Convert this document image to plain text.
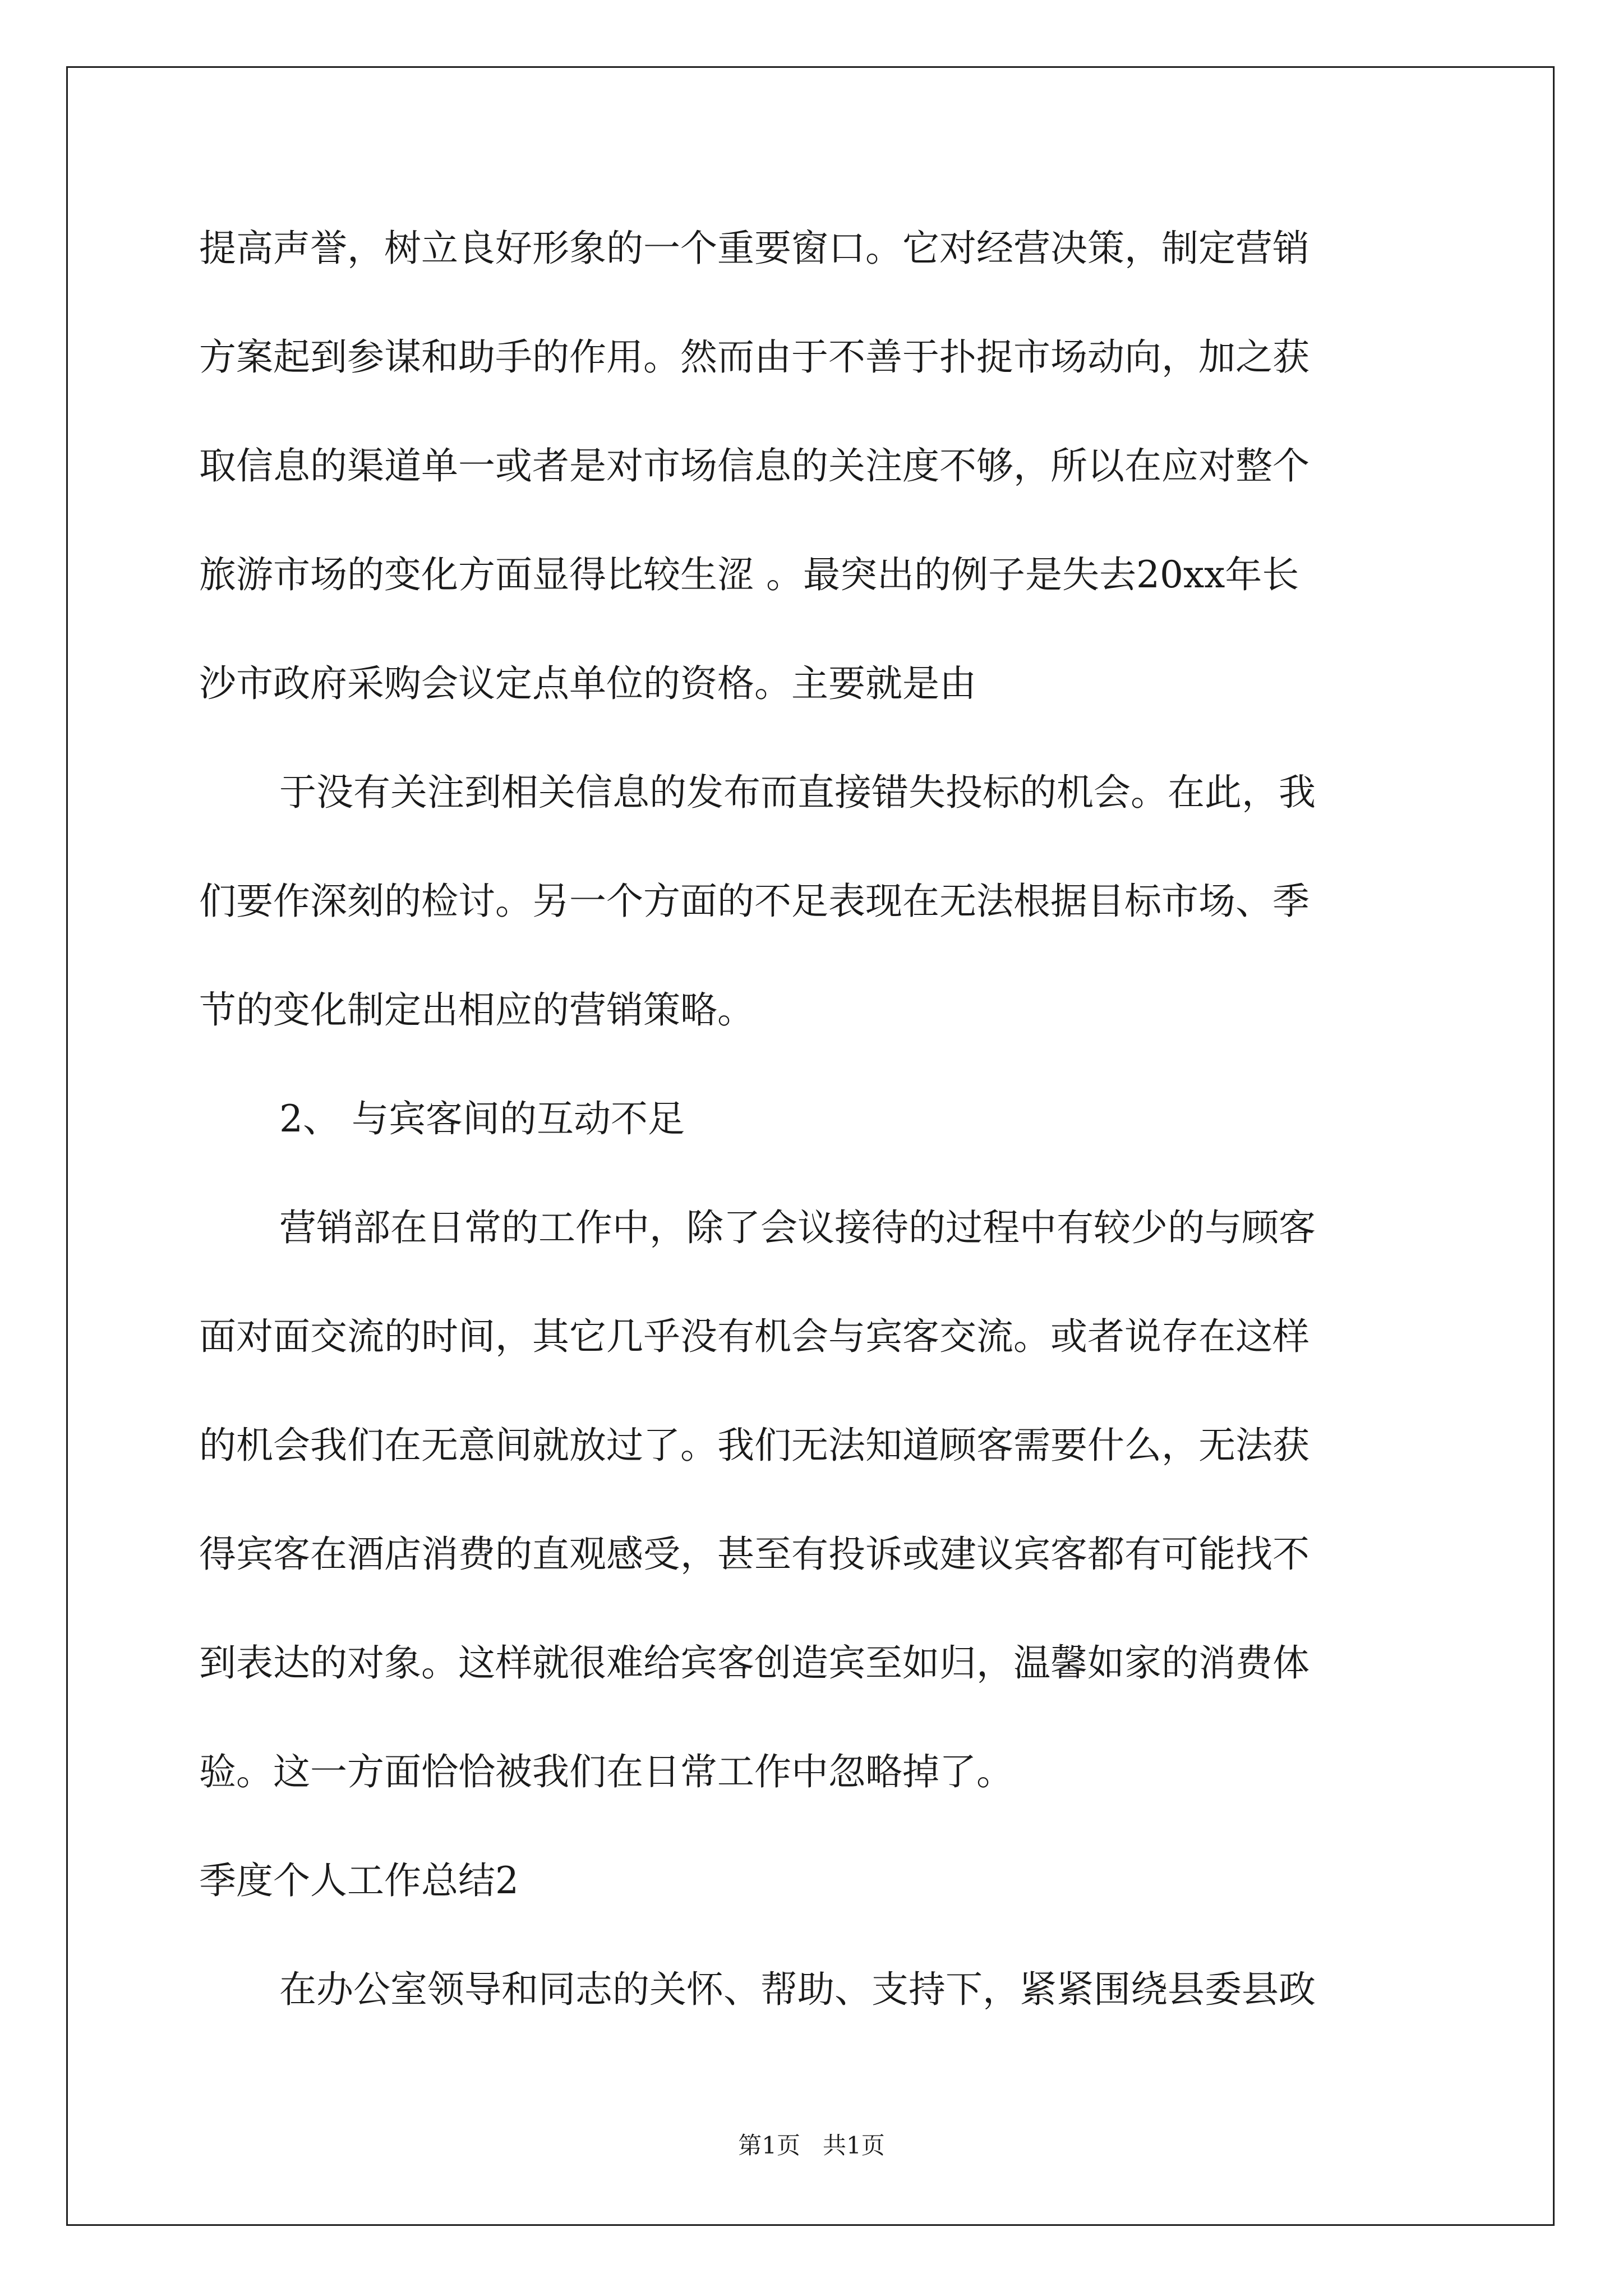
提高声誉，树立良好形象的一个重要窗口。它对经营决策，制定营销
方案起到参谋和助手的作用。然而由于不善于扑捉市场动向，加之获
取信息的渠道单一或者是对市场信息的关注度不够，所以在应对整个
旅游市场的变化方面显得比较生涩 。最突出的例子是失去20xx年长
沙市政府采购会议定点单位的资格。主要就是由
于没有关注到相关信息的发布而直接错失投标的机会。在此，我
们要作深刻的检讨。另一个方面的不足表现在无法根据目标市场、季
节的变化制定出相应的营销策略。
2、 与宾客间的互动不足
营销部在日常的工作中，除了会议接待的过程中有较少的与顾客
面对面交流的时间，其它几乎没有机会与宾客交流。或者说存在这样
的机会我们在无意间就放过了。我们无法知道顾客需要什么，无法获
得宾客在酒店消费的直观感受，甚至有投诉或建议宾客都有可能找不
到表达的对象。这样就很难给宾客创造宾至如归，温馨如家的消费体
验。这一方面恰恰被我们在日常工作中忽略掉了。
季度个人工作总结2
在办公室领导和同志的关怀、帮助、支持下，紧紧围绕县委县政
第1页   共1页
